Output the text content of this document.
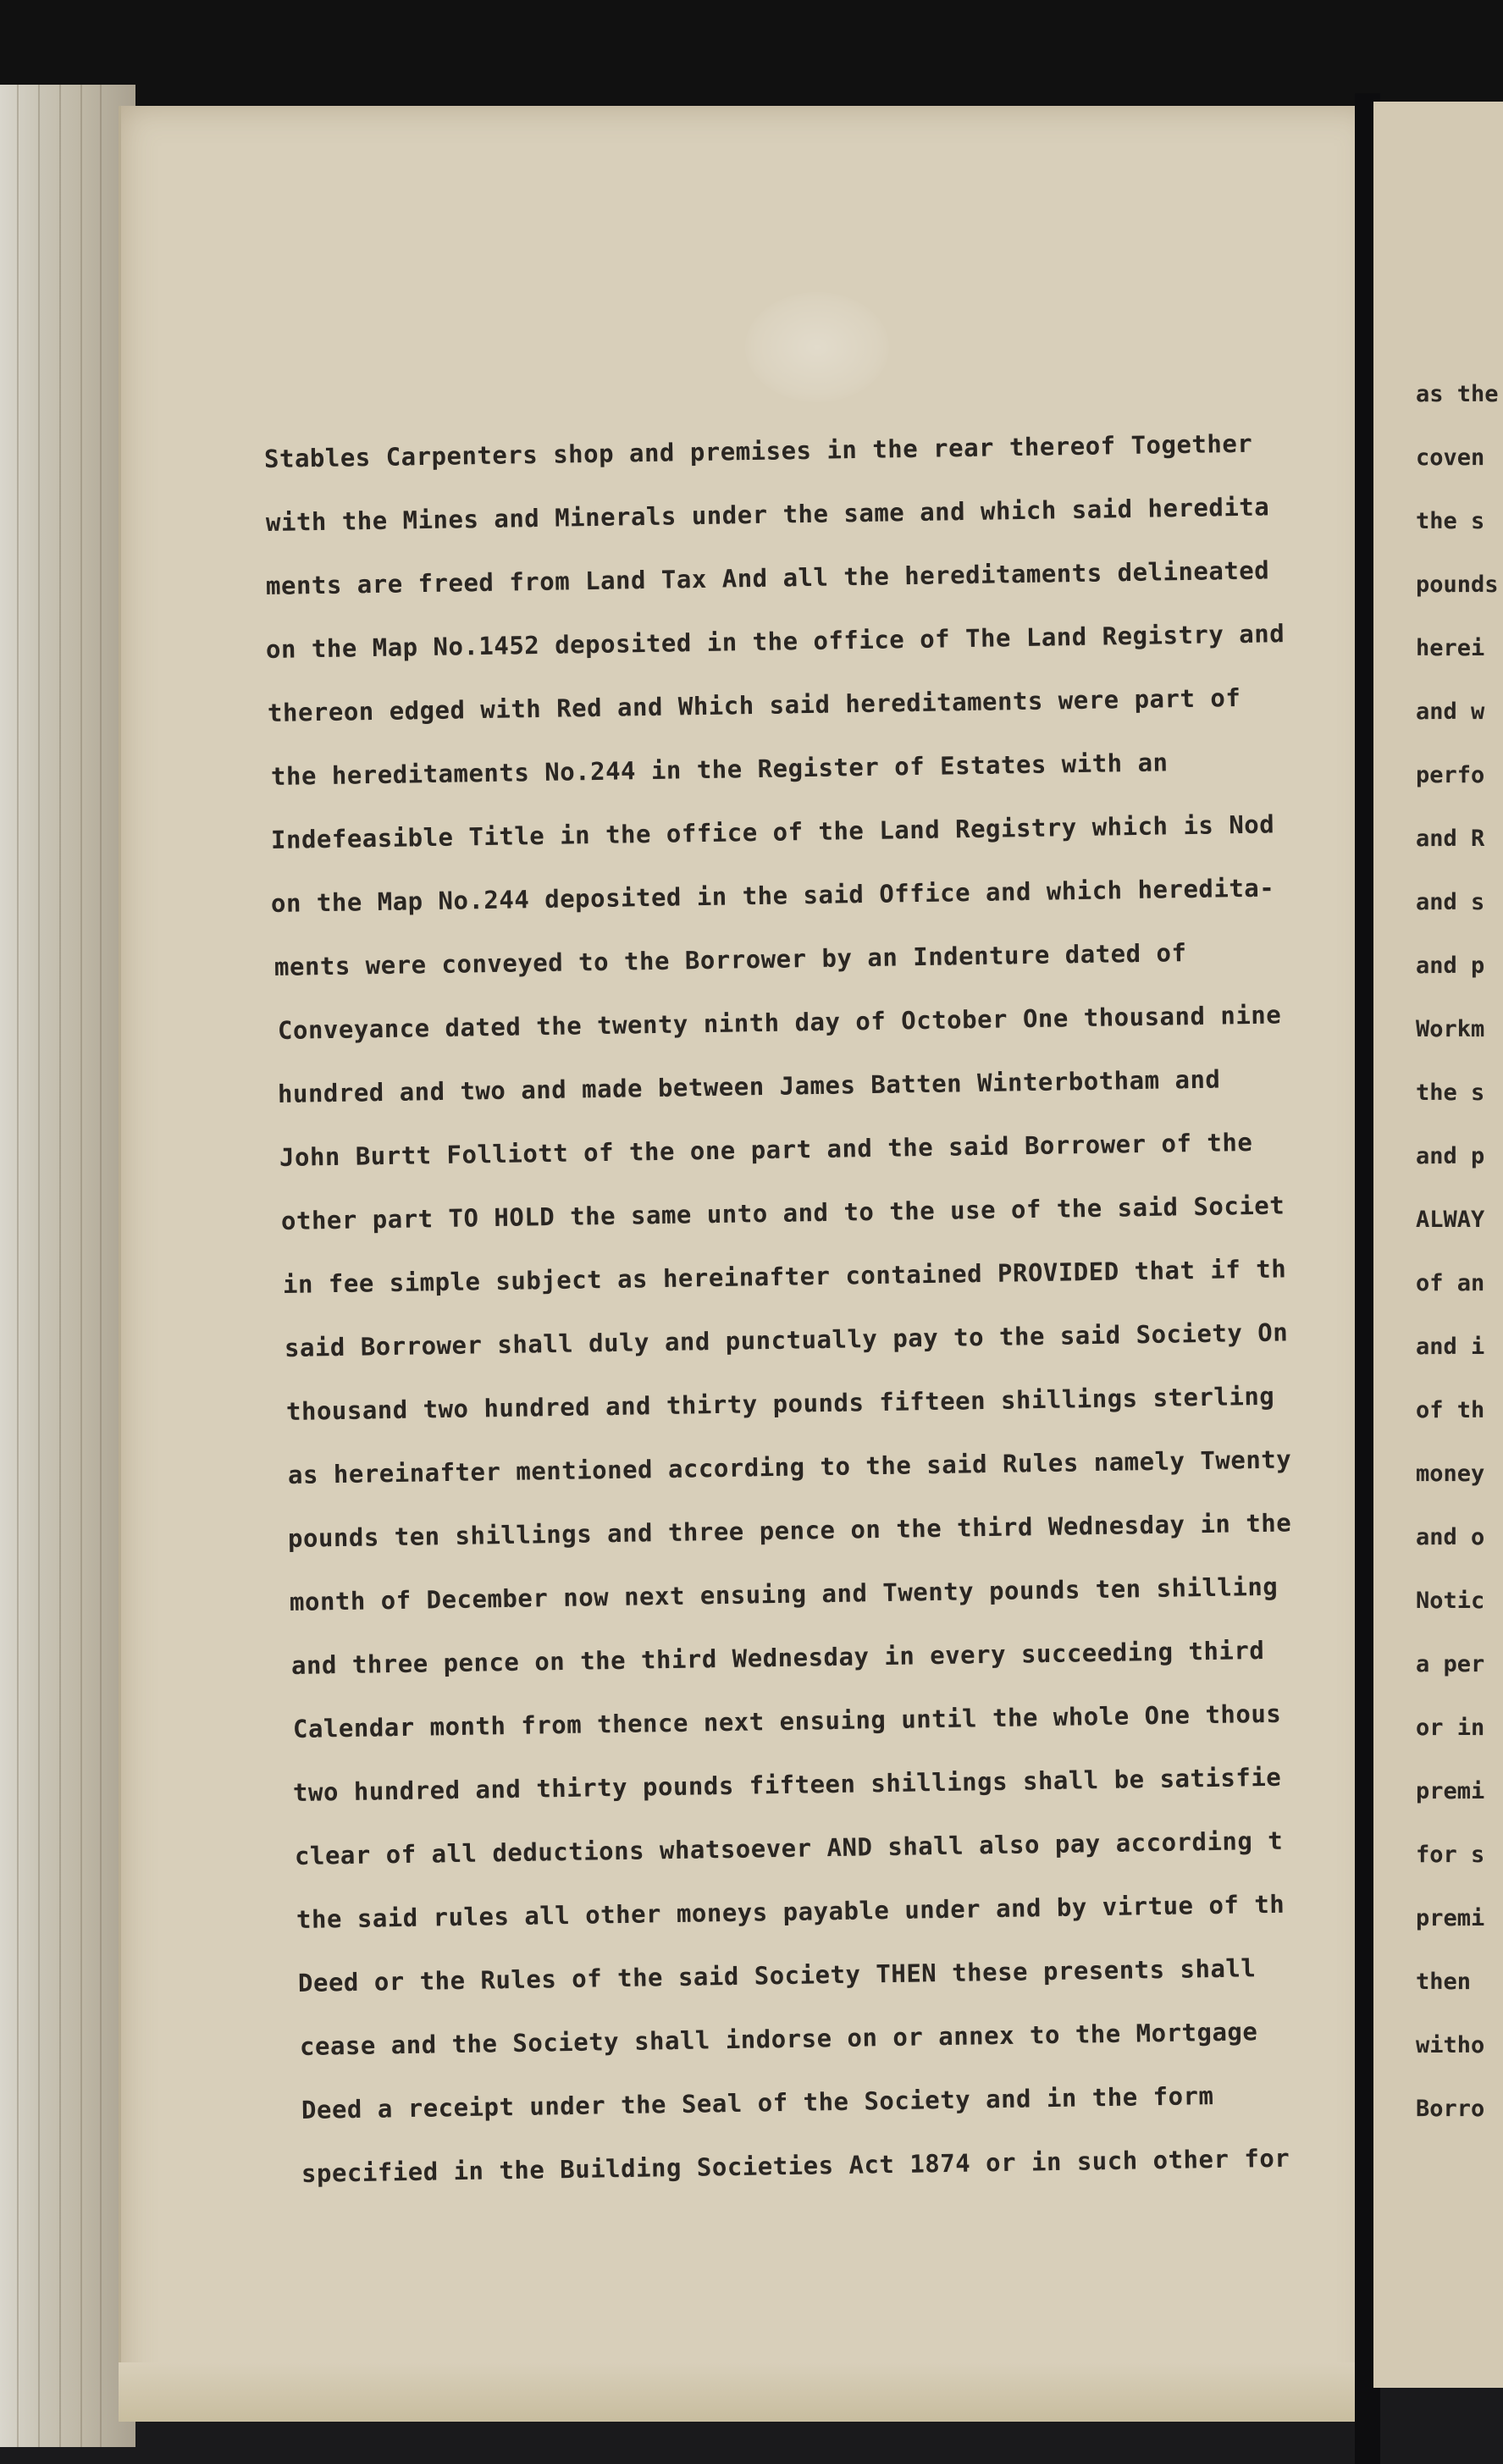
as the
coven
the s
pounds
herei
and w
perfo
and R
and s
and p
Workm
the s
and p
ALWAY
of an
and i
of th
money
and o
Notic
a per
or in
premi
for s
premi
then
witho
Borro
Stables Carpenters shop and premises in the rear thereof Together
with the Mines and Minerals under the same and which said heredita
ments are freed from Land Tax And all the hereditaments delineated
on the Map No.1452 deposited in the office of The Land Registry and
thereon edged with Red and Which said hereditaments were part of
the hereditaments No.244 in the Register of Estates with an
Indefeasible Title in the office of the Land Registry which is Nod
on the Map No.244 deposited in the said Office and which heredita-
ments were conveyed to the Borrower by an Indenture dated of
Conveyance dated the twenty ninth day of October One thousand nine
hundred and two and made between James Batten Winterbotham and
John Burtt Folliott of the one part and the said Borrower of the
other part TO HOLD the same unto and to the use of the said Societ
in fee simple subject as hereinafter contained PROVIDED that if th
said Borrower shall duly and punctually pay to the said Society On
thousand two hundred and thirty pounds fifteen shillings sterling
as hereinafter mentioned according to the said Rules namely Twenty
pounds ten shillings and three pence on the third Wednesday in the
month of December now next ensuing and Twenty pounds ten shilling
and three pence on the third Wednesday in every succeeding third
Calendar month from thence next ensuing until the whole One thous
two hundred and thirty pounds fifteen shillings shall be satisfie
clear of all deductions whatsoever AND shall also pay according t
the said rules all other moneys payable under and by virtue of th
Deed or the Rules of the said Society THEN these presents shall
cease and the Society shall indorse on or annex to the Mortgage
Deed a receipt under the Seal of the Society and in the form
specified in the Building Societies Act 1874 or in such other for
